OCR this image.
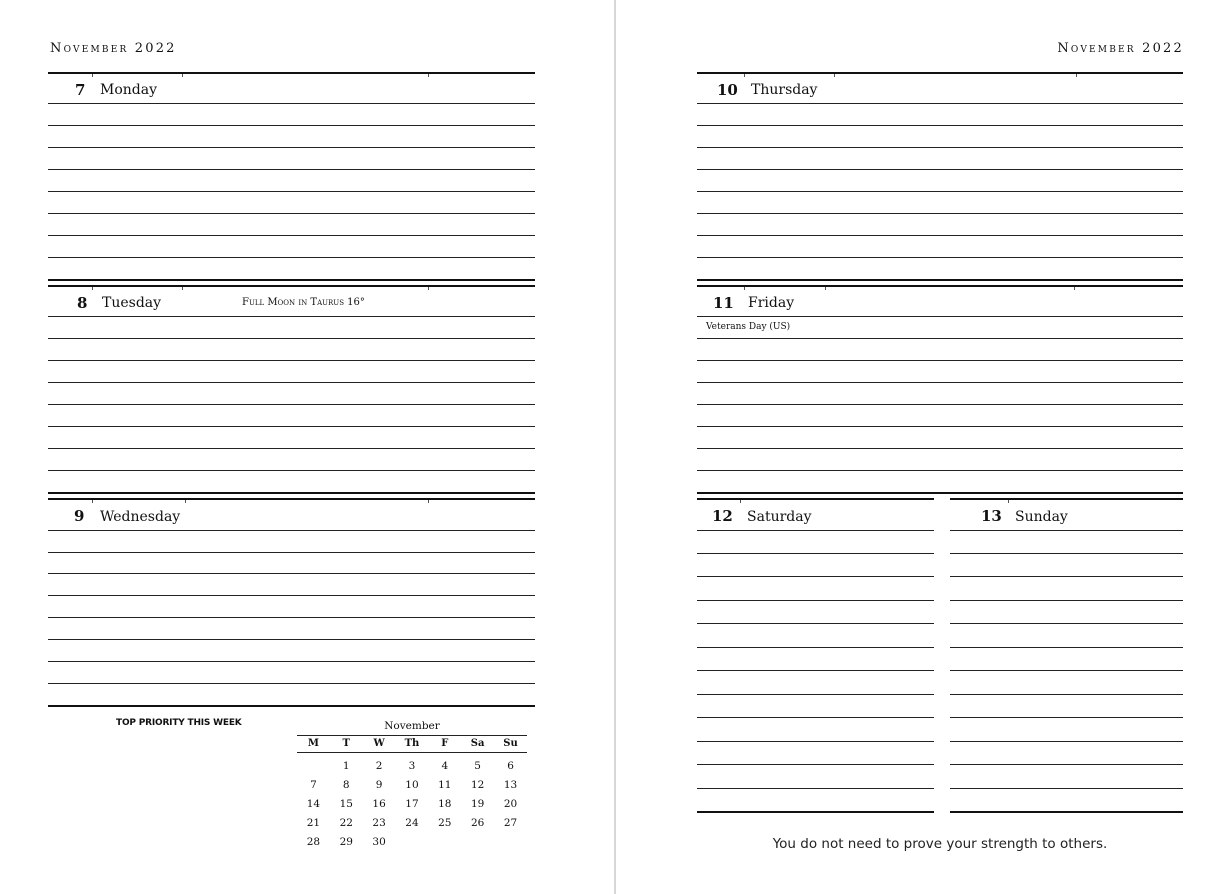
November 2022	November 2022
7 Monday
8 Tuesday	Full Moon in Taurus 16°
9 Wednesday
TOP PRIORITY THIS WEEK	November
M	T	W	Th	F	Sa	Su
	1	2	3	4	5	6
7	8	9	10	11	12	13
14	15	16	17	18	19	20
21	22	23	24	25	26	27
28	29	30				
10 Thursday
11 Friday
Veterans Day (US)
12 Saturday	13 Sunday
You do not need to prove your strength to others.
